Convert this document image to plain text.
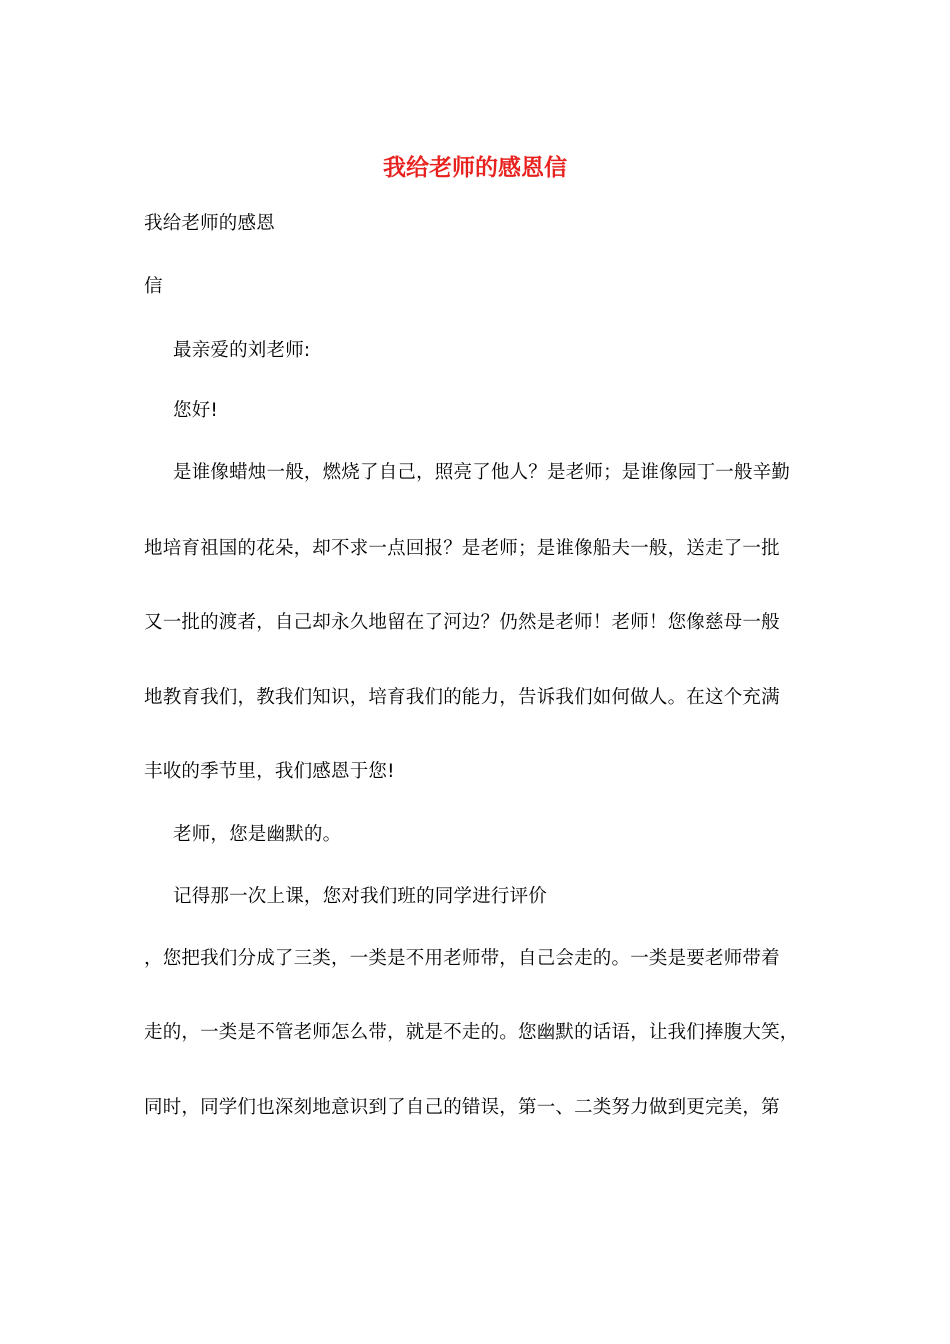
我给老师的感恩信

我给老师的感恩

信

最亲爱的刘老师:

您好!

是谁像蜡烛一般，燃烧了自己，照亮了他人？是老师；是谁像园丁一般辛勤

地培育祖国的花朵，却不求一点回报？是老师；是谁像船夫一般，送走了一批

又一批的渡者，自己却永久地留在了河边？仍然是老师！老师！您像慈母一般

地教育我们，教我们知识，培育我们的能力，告诉我们如何做人。在这个充满

丰收的季节里，我们感恩于您!

老师，您是幽默的。

记得那一次上课，您对我们班的同学进行评价

，您把我们分成了三类，一类是不用老师带，自己会走的。一类是要老师带着

走的，一类是不管老师怎么带，就是不走的。您幽默的话语，让我们捧腹大笑，

同时，同学们也深刻地意识到了自己的错误，第一、二类努力做到更完美，第
